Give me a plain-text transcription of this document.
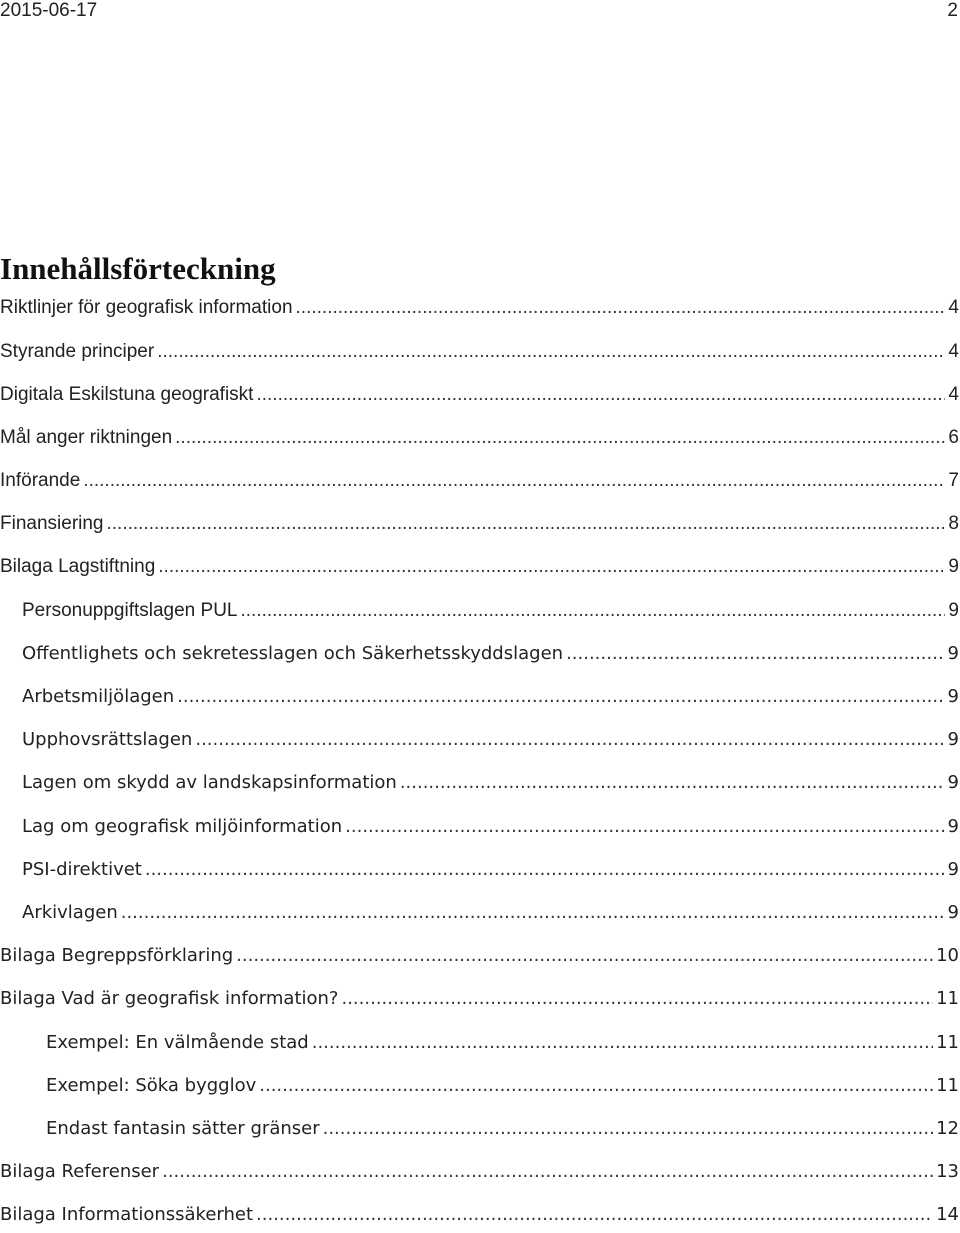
2015-06-17	2
Innehållsförteckning
Riktlinjer för geografisk information .....	4
Styrande principer .....	4
Digitala Eskilstuna geografiskt .....	4
Mål anger riktningen .....	6
Införande .....	7
Finansiering .....	8
Bilaga Lagstiftning .....	9
Personuppgiftslagen PUL .....	9
Offentlighets och sekretesslagen och Säkerhetsskyddslagen .....	9
Arbetsmiljölagen .....	9
Upphovsrättslagen .....	9
Lagen om skydd av landskapsinformation .....	9
Lag om geografisk miljöinformation .....	9
PSI-direktivet .....	9
Arkivlagen .....	9
Bilaga Begreppsförklaring .....	10
Bilaga Vad är geografisk information? .....	11
Exempel: En välmående stad .....	11
Exempel: Söka bygglov .....	11
Endast fantasin sätter gränser .....	12
Bilaga Referenser .....	13
Bilaga Informationssäkerhet .....	14
